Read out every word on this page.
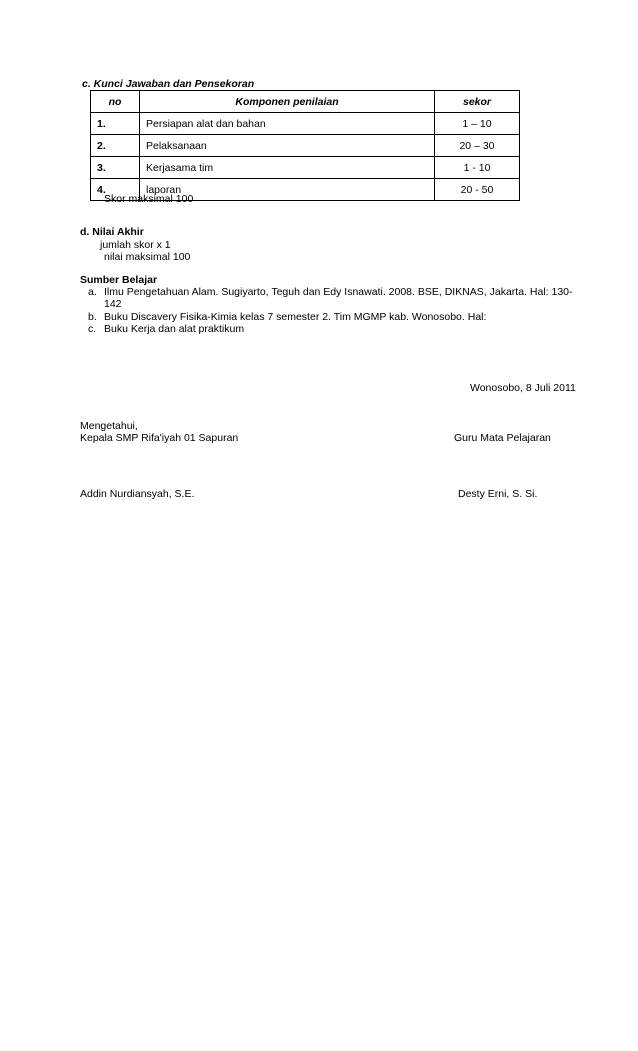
c. Kunci Jawaban dan Pensekoran
no	Komponen penilaian	sekor
1.	Persiapan alat dan bahan	1 – 10
2.	Pelaksanaan	20 – 30
3.	Kerjasama tim	1 - 10
4.	laporan	20 - 50
Skor maksimal 100
d. Nilai Akhir
jumlah skor x 1
nilai maksimal 100
Sumber Belajar
a. Ilmu Pengetahuan Alam. Sugiyarto, Teguh dan Edy Isnawati. 2008. BSE, DIKNAS, Jakarta. Hal: 130-
142
b. Buku Discavery Fisika-Kimia kelas 7 semester 2. Tim MGMP kab. Wonosobo. Hal:
c. Buku Kerja dan alat praktikum
Wonosobo, 8 Juli 2011
Mengetahui,
Kepala SMP Rifa'iyah 01 Sapuran	Guru Mata Pelajaran
Addin Nurdiansyah, S.E.	Desty Erni, S. Si.
